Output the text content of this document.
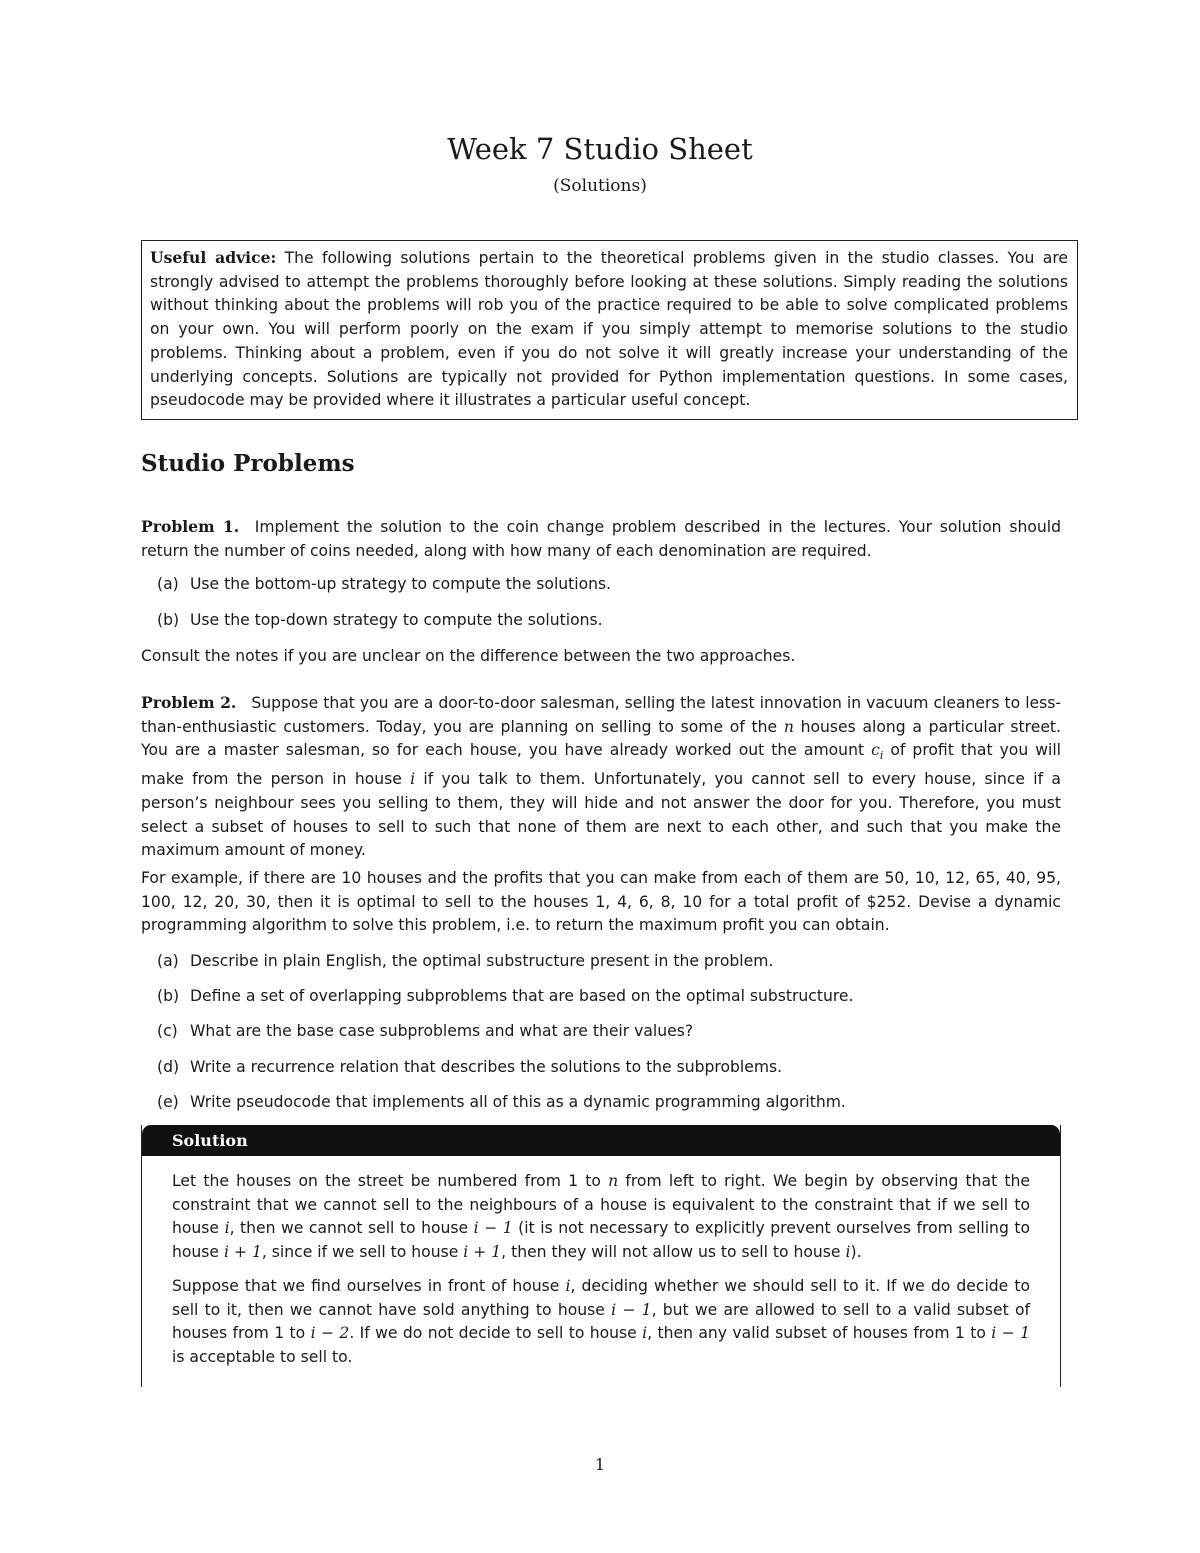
Week 7 Studio Sheet
(Solutions)
Useful advice: The following solutions pertain to the theoretical problems given in the studio classes. You are strongly advised to attempt the problems thoroughly before looking at these solutions. Simply reading the solutions without thinking about the problems will rob you of the practice required to be able to solve complicated problems on your own. You will perform poorly on the exam if you simply attempt to memorise solutions to the studio problems. Thinking about a problem, even if you do not solve it will greatly increase your understanding of the underlying concepts. Solutions are typically not provided for Python implementation questions. In some cases, pseudocode may be provided where it illustrates a particular useful concept.
Studio Problems

Problem 1. Implement the solution to the coin change problem described in the lectures. Your solution should return the number of coins needed, along with how many of each denomination are required.

(a) Use the bottom-up strategy to compute the solutions.
(b) Use the top-down strategy to compute the solutions.

Consult the notes if you are unclear on the difference between the two approaches.

Problem 2. Suppose that you are a door-to-door salesman, selling the latest innovation in vacuum cleaners to less-than-enthusiastic customers. Today, you are planning on selling to some of the n houses along a particular street. You are a master salesman, so for each house, you have already worked out the amount $c_i$ of profit that you will make from the person in house i if you talk to them. Unfortunately, you cannot sell to every house, since if a person’s neighbour sees you selling to them, they will hide and not answer the door for you. Therefore, you must select a subset of houses to sell to such that none of them are next to each other, and such that you make the maximum amount of money.

For example, if there are 10 houses and the profits that you can make from each of them are 50, 10, 12, 65, 40, 95, 100, 12, 20, 30, then it is optimal to sell to the houses 1, 4, 6, 8, 10 for a total profit of $252. Devise a dynamic programming algorithm to solve this problem, i.e. to return the maximum profit you can obtain.

(a) Describe in plain English, the optimal substructure present in the problem.
(b) Define a set of overlapping subproblems that are based on the optimal substructure.
(c) What are the base case subproblems and what are their values?
(d) Write a recurrence relation that describes the solutions to the subproblems.
(e) Write pseudocode that implements all of this as a dynamic programming algorithm.
Solution

Let the houses on the street be numbered from 1 to n from left to right. We begin by observing that the constraint that we cannot sell to the neighbours of a house is equivalent to the constraint that if we sell to house i, then we cannot sell to house i − 1 (it is not necessary to explicitly prevent ourselves from selling to house i + 1, since if we sell to house i + 1, then they will not allow us to sell to house i).

Suppose that we find ourselves in front of house i, deciding whether we should sell to it. If we do decide to sell to it, then we cannot have sold anything to house i − 1, but we are allowed to sell to a valid subset of houses from 1 to i − 2. If we do not decide to sell to house i, then any valid subset of houses from 1 to i − 1 is acceptable to sell to.

1
